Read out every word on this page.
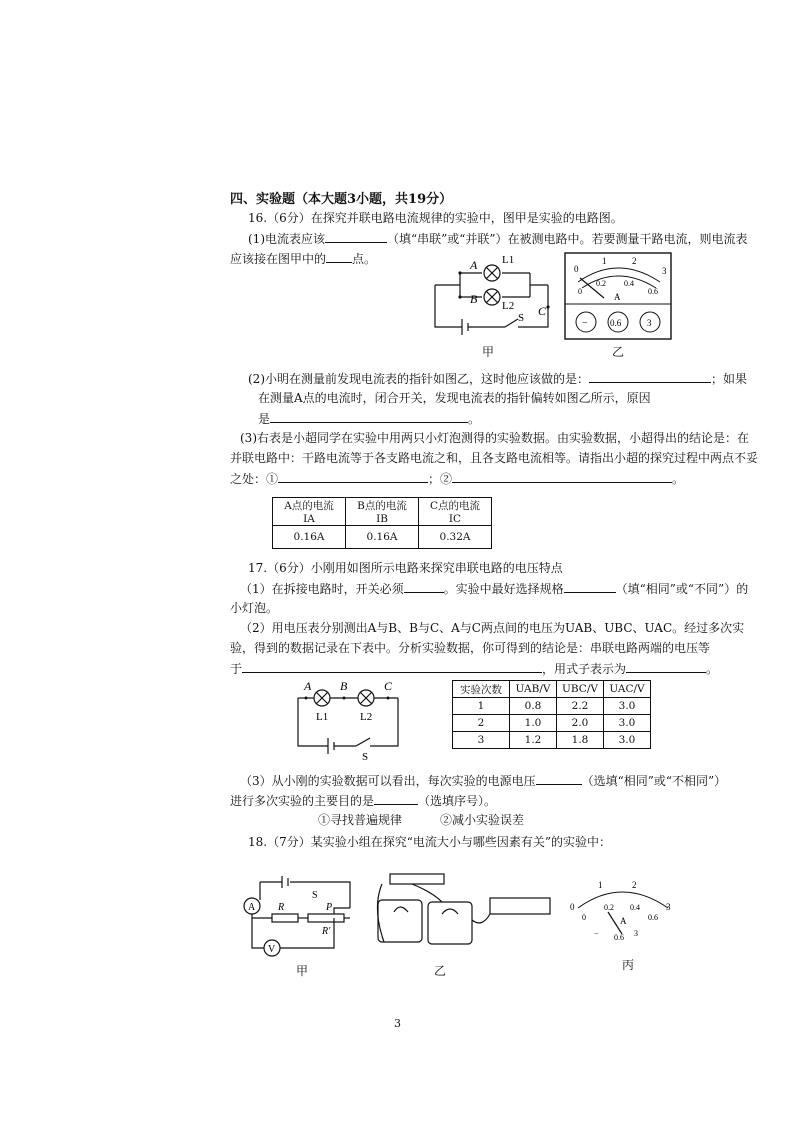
四、实验题（本大题3小题，共19分）
16.（6分）在探究并联电路电流规律的实验中，图甲是实验的电路图。
(1)电流表应该	（填“串联”或“并联”）在被测电路中。若要测量干路电流，则电流表
应该接在图甲中的 点。	A
B
C
L1
L2
S
甲
0
1	2
3
0
0.2 0.4
0.6
A
− 0.6	3
乙
(2)小明在测量前发现电流表的指针如图乙，这时他应该做的是：	；如果
在测量A点的电流时，闭合开关，发现电流表的指针偏转如图乙所示，原因
是	。
(3)右表是小超同学在实验中用两只小灯泡测得的实验数据。由实验数据，小超得出的结论是：在
并联电路中：干路电流等于各支路电流之和，且各支路电流相等。请指出小超的探究过程中两点不妥
之处：①	；②	。
A点的电流 IA	B点的电流 IB	C点的电流 IC
0.16A	0.16A	0.32A
17.（6分）小刚用如图所示电路来探究串联电路的电压特点
（1）在拆接电路时，开关必须	。实验中最好选择规格	（填“相同”或“不同”）的
小灯泡。
（2）用电压表分别测出A与B、B与C、A与C两点间的电压为UAB、UBC、UAC。经过多次实
验，得到的数据记录在下表中。分析实验数据，你可得到的结论是：串联电路两端的电压等
于	，用式子表示为	。
A B	C
L1	L2
S
实验次数	UAB/V	UBC/V	UAC/V
1	0.8	2.2	3.0
2	1.0	2.0	3.0
3	1.2	1.8	3.0
（3）从小刚的实验数据可以看出，每次实验的电源电压	（选填“相同”或“不相同”）
进行多次实验的主要目的是	（选填序号）。
①寻找普遍规律	②减小实验误差
18.（7分）某实验小组在探究“电流大小与哪些因素有关”的实验中：
A
V
R
R′
P
S
甲	乙
0
1	2
3
0
0.2 0.4
0.6
A
− 0.6 3
丙
3
